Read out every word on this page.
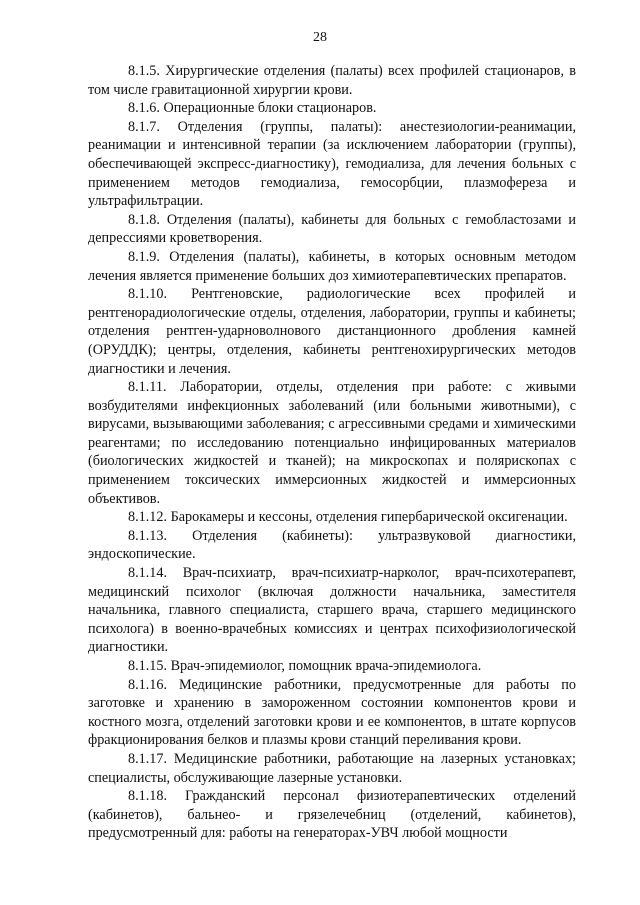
28

8.1.5. Хирургические отделения (палаты) всех профилей стационаров, в том числе гравитационной хирургии крови.

8.1.6. Операционные блоки стационаров.

8.1.7. Отделения (группы, палаты): анестезиологии-реанимации, реанимации и интенсивной терапии (за исключением лаборатории (группы), обеспечивающей экспресс-диагностику), гемодиализа, для лечения больных с применением методов гемодиализа, гемосорбции, плазмофереза и ультрафильтрации.

8.1.8. Отделения (палаты), кабинеты для больных с гемобластозами и депрессиями кроветворения.

8.1.9. Отделения (палаты), кабинеты, в которых основным методом лечения является применение больших доз химиотерапевтических препаратов.

8.1.10. Рентгеновские, радиологические всех профилей и рентгенорадиологические отделы, отделения, лаборатории, группы и кабинеты; отделения рентген-ударноволнового дистанционного дробления камней (ОРУДДК); центры, отделения, кабинеты рентгенохирургических методов диагностики и лечения.

8.1.11. Лаборатории, отделы, отделения при работе: с живыми возбудителями инфекционных заболеваний (или больными животными), с вирусами, вызывающими заболевания; с агрессивными средами и химическими реагентами; по исследованию потенциально инфицированных материалов (биологических жидкостей и тканей); на микроскопах и поляриcкопах с применением токсических иммерсионных жидкостей и иммерсионных объективов.

8.1.12. Барокамеры и кессоны, отделения гипербарической оксигенации.

8.1.13. Отделения (кабинеты): ультразвуковой диагностики, эндоскопические.

8.1.14. Врач-психиатр, врач-психиатр-нарколог, врач-психотерапевт, медицинский психолог (включая должности начальника, заместителя начальника, главного специалиста, старшего врача, старшего медицинского психолога) в военно-врачебных комиссиях и центрах психофизиологической диагностики.

8.1.15. Врач-эпидемиолог, помощник врача-эпидемиолога.

8.1.16. Медицинские работники, предусмотренные для работы по заготовке и хранению в замороженном состоянии компонентов крови и костного мозга, отделений заготовки крови и ее компонентов, в штате корпусов фракционирования белков и плазмы крови станций переливания крови.

8.1.17. Медицинские работники, работающие на лазерных установках; специалисты, обслуживающие лазерные установки.

8.1.18. Гражданский персонал физиотерапевтических отделений (кабинетов), бальнео- и грязелечебниц (отделений, кабинетов), предусмотренный для: работы на генераторах-УВЧ любой мощности
